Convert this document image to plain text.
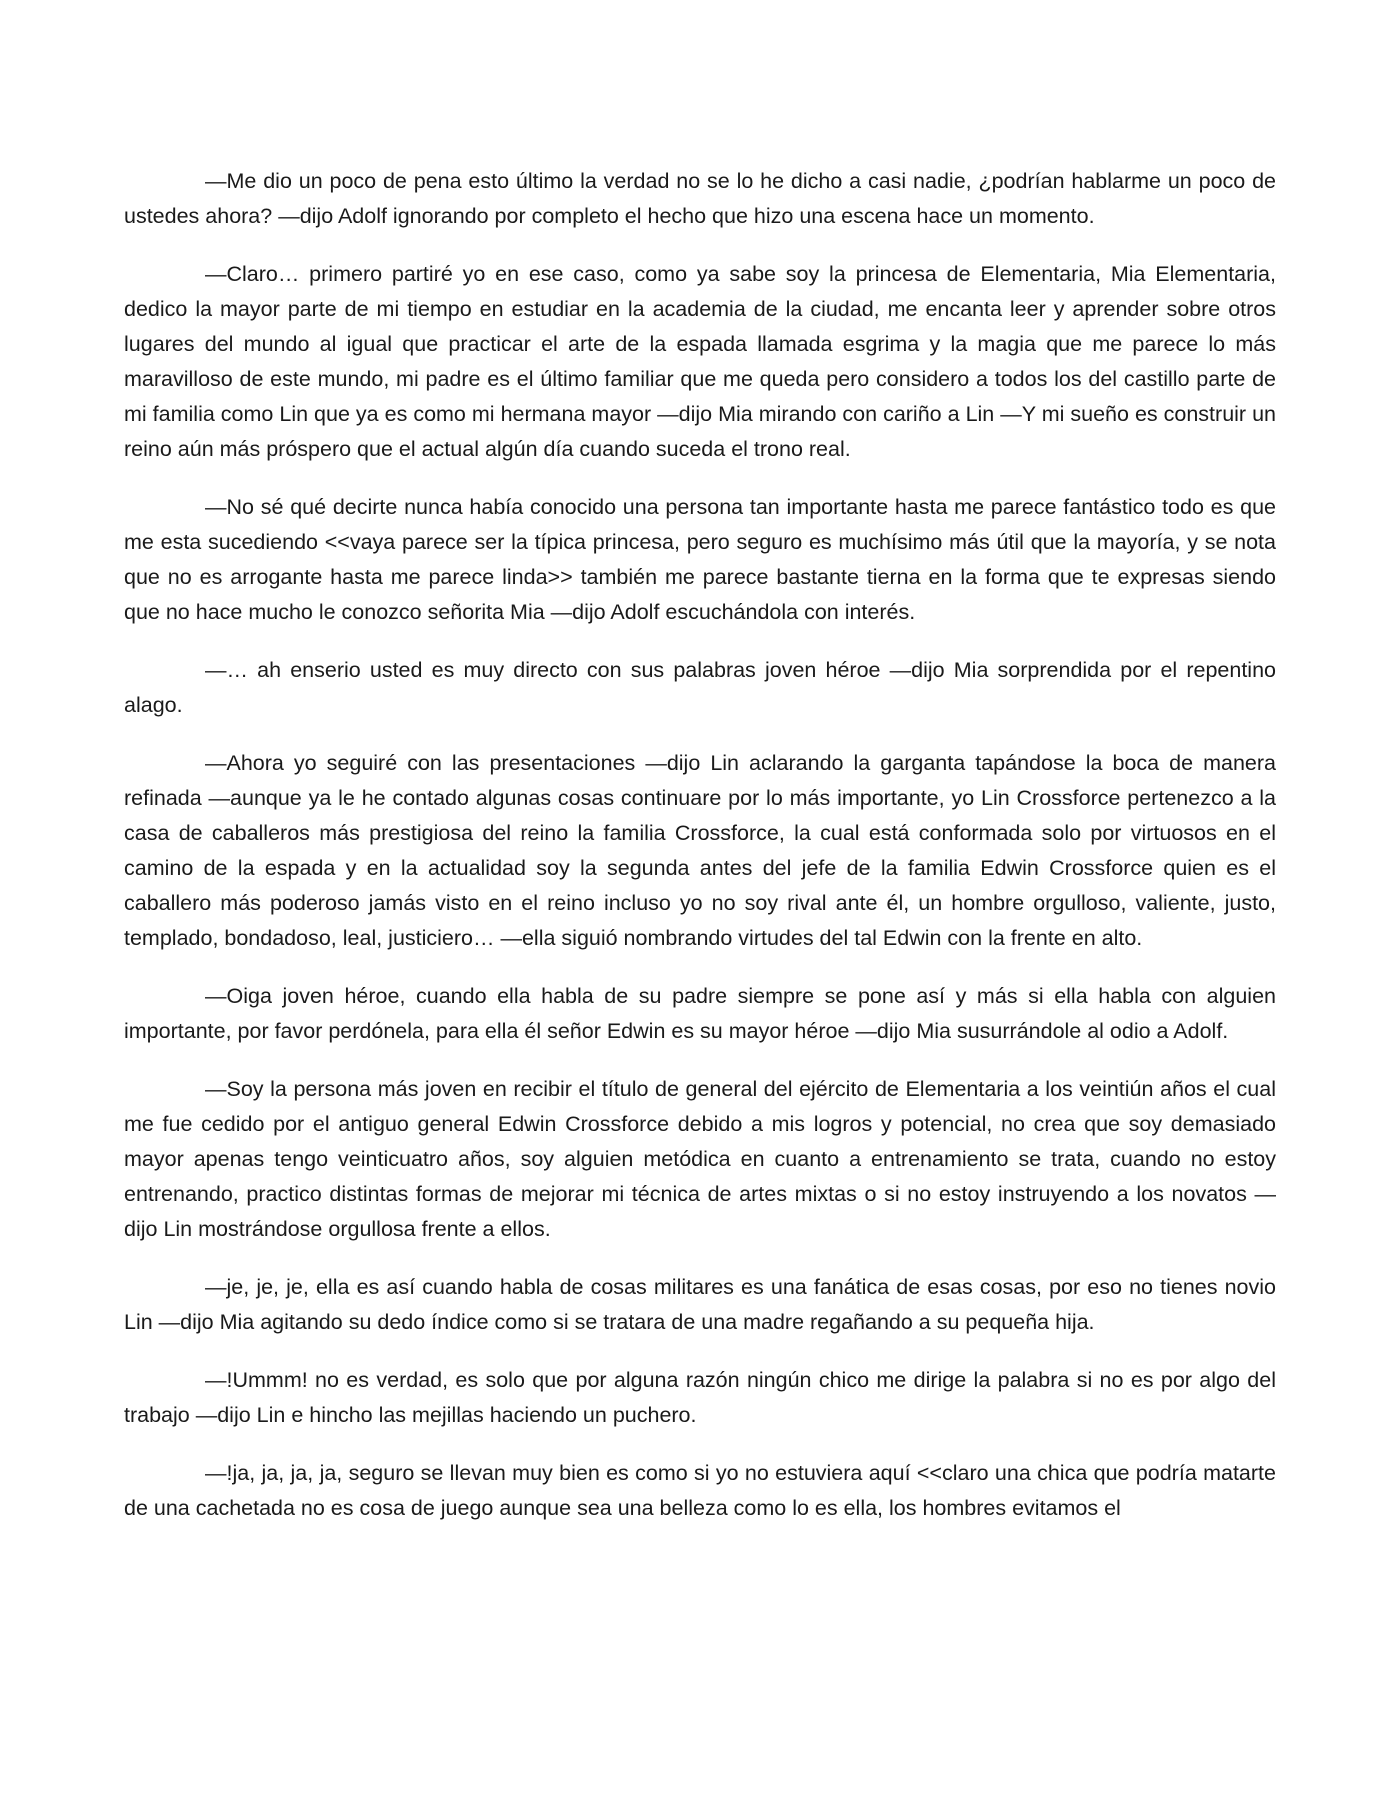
—Me dio un poco de pena esto último la verdad no se lo he dicho a casi nadie, ¿podrían hablarme un poco de ustedes ahora? —dijo Adolf ignorando por completo el hecho que hizo una escena hace un momento.

—Claro… primero partiré yo en ese caso, como ya sabe soy la princesa de Elementaria, Mia Elementaria, dedico la mayor parte de mi tiempo en estudiar en la academia de la ciudad, me encanta leer y aprender sobre otros lugares del mundo al igual que practicar el arte de la espada llamada esgrima y la magia que me parece lo más maravilloso de este mundo, mi padre es el último familiar que me queda pero considero a todos los del castillo parte de mi familia como Lin que ya es como mi hermana mayor —dijo Mia mirando con cariño a Lin —Y mi sueño es construir un reino aún más próspero que el actual algún día cuando suceda el trono real.

—No sé qué decirte nunca había conocido una persona tan importante hasta me parece fantástico todo es que me esta sucediendo <<vaya parece ser la típica princesa, pero seguro es muchísimo más útil que la mayoría, y se nota que no es arrogante hasta me parece linda>> también me parece bastante tierna en la forma que te expresas siendo que no hace mucho le conozco señorita Mia —dijo Adolf escuchándola con interés.

—… ah enserio usted es muy directo con sus palabras joven héroe —dijo Mia sorprendida por el repentino alago.

—Ahora yo seguiré con las presentaciones —dijo Lin aclarando la garganta tapándose la boca de manera refinada —aunque ya le he contado algunas cosas continuare por lo más importante, yo Lin Crossforce pertenezco a la casa de caballeros más prestigiosa del reino la familia Crossforce, la cual está conformada solo por virtuosos en el camino de la espada y en la actualidad soy la segunda antes del jefe de la familia Edwin Crossforce quien es el caballero más poderoso jamás visto en el reino incluso yo no soy rival ante él, un hombre orgulloso, valiente, justo, templado, bondadoso, leal, justiciero… —ella siguió nombrando virtudes del tal Edwin con la frente en alto.

—Oiga joven héroe, cuando ella habla de su padre siempre se pone así y más si ella habla con alguien importante, por favor perdónela, para ella él señor Edwin es su mayor héroe —dijo Mia susurrándole al odio a Adolf.

—Soy la persona más joven en recibir el título de general del ejército de Elementaria a los veintiún años el cual me fue cedido por el antiguo general Edwin Crossforce debido a mis logros y potencial, no crea que soy demasiado mayor apenas tengo veinticuatro años, soy alguien metódica en cuanto a entrenamiento se trata, cuando no estoy entrenando, practico distintas formas de mejorar mi técnica de artes mixtas o si no estoy instruyendo a los novatos —dijo Lin mostrándose orgullosa frente a ellos.

—je, je, je, ella es así cuando habla de cosas militares es una fanática de esas cosas, por eso no tienes novio Lin —dijo Mia agitando su dedo índice como si se tratara de una madre regañando a su pequeña hija.

—!Ummm! no es verdad, es solo que por alguna razón ningún chico me dirige la palabra si no es por algo del trabajo —dijo Lin e hincho las mejillas haciendo un puchero.

—!ja, ja, ja, ja, seguro se llevan muy bien es como si yo no estuviera aquí <<claro una chica que podría matarte de una cachetada no es cosa de juego aunque sea una belleza como lo es ella, los hombres evitamos el
